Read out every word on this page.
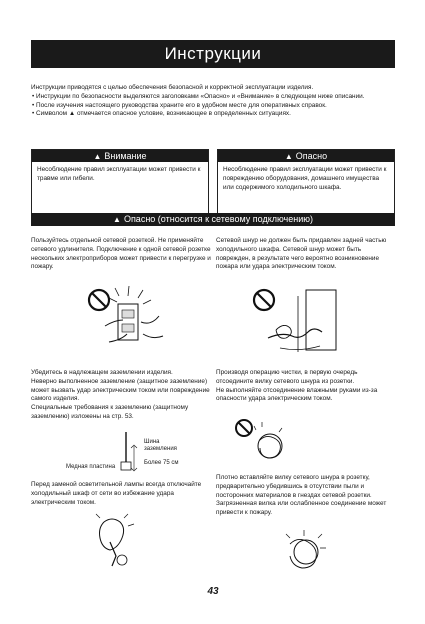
Инструкции

Инструкции приводятся с целью обеспечения безопасной и корректной эксплуатации изделия.

• Инструкции по безопасности выделяются заголовками «Опасно» и «Внимание» в следующем ниже описании.

• После изучения настоящего руководства храните его в удобном месте для оперативных справок.

• Символом ▲ отмечается опасное условие, возникающее в определенных ситуациях.

▲ Внимание
Несоблюдение правил эксплуатации может привести к травме или гибели.
▲ Опасно
Несоблюдение правил эксплуатации может привести к повреждению оборудования, домашнего имущества или содержимого холодильного шкафа.
▲ Опасно (относится к сетевому подключению)
Пользуйтесь отдельной сетевой розеткой. Не применяйте сетевого удлинителя. Подключение к одной сетевой розетке нескольких электроприборов может привести к перегрузке и пожару.
Сетевой шнур не должен быть придавлен задней частью холодильного шкафа. Сетевой шнур может быть поврежден, в результате чего вероятно возникновение пожара или удара электрическим током.

Убедитесь в надлежащем заземлении изделия.

Неверно выполненное заземление (защитное заземление) может вызвать удар электрическим током или повреждение самого изделия.

Специальные требования к заземлению (защитному заземлению) изложены на стр. 53.

Производя операцию чистки, в первую очередь отсоедините вилку сетевого шнура из розетки.

Не выполняйте отсоединение влажными руками из-за опасности удара электрическим током.

Шина заземления
Более 75 см
Медная пластина
Перед заменой осветительной лампы всегда отключайте холодильный шкаф от сети во избежание удара электрическим током.

Плотно вставляйте вилку сетевого шнура в розетку, предварительно убедившись в отсутствии пыли и посторонних материалов в гнездах сетевой розетки.

Загрязненная вилка или ослабленное соединение может привести к пожару.

43
